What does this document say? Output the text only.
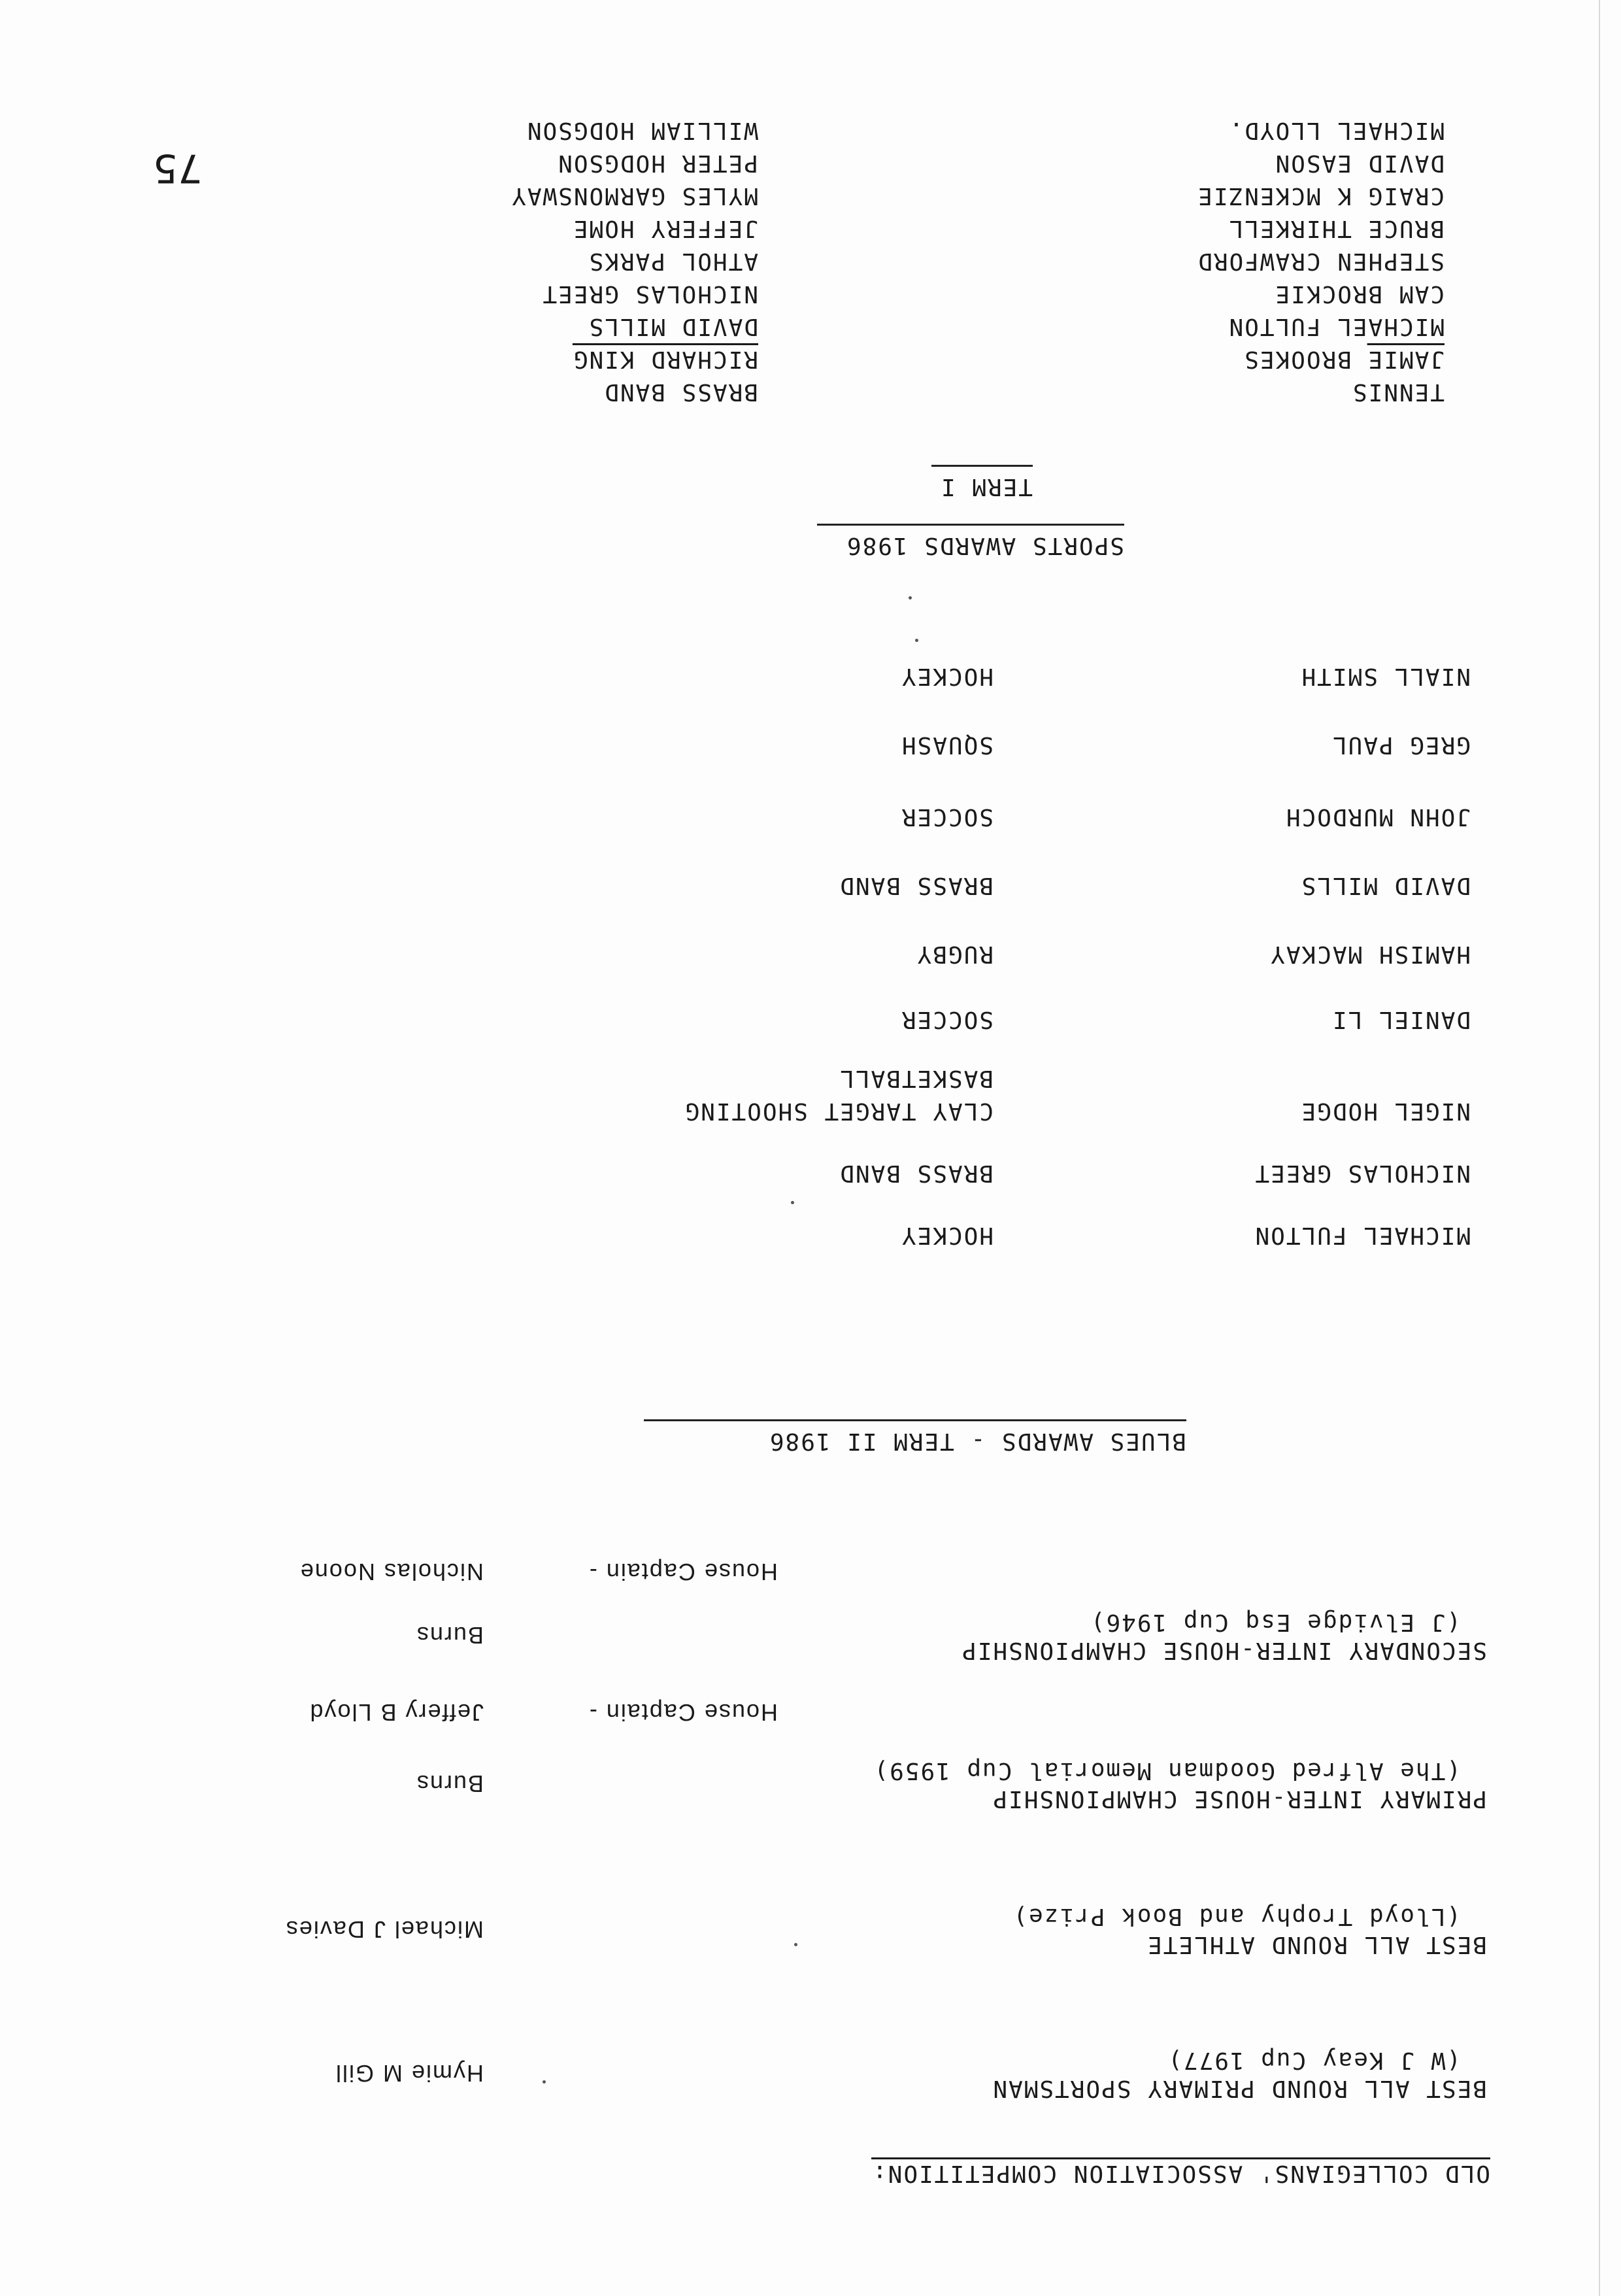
OLD COLLEGIANS' ASSOCIATION COMPETITION:
BEST ALL ROUND PRIMARY SPORTSMAN
(W J Keay Cup 1977)
Hymie M Gill
BEST ALL ROUND ATHLETE
(Lloyd Trophy and Book Prize)
Michael J Davies
PRIMARY INTER-HOUSE CHAMPIONSHIP
(The Alfred Goodman Memorial Cup 1959)
Burns
House Captain -
Jeffery B Lloyd
SECONDARY INTER-HOUSE CHAMPIONSHIP
(J Elvidge Esq Cup 1946)
Burns
House Captain -
Nicholas Noone
BLUES AWARDS - TERM II 1986
MICHAEL FULTON
HOCKEY
NICHOLAS GREET
BRASS BAND
NIGEL HODGE
CLAY TARGET SHOOTING
BASKETBALL
DANIEL LI
SOCCER
HAMISH MACKAY
RUGBY
DAVID MILLS
BRASS BAND
JOHN MURDOCH
SOCCER
GREG PAUL
SQUASH
NIALL SMITH
HOCKEY
SPORTS AWARDS 1986
TERM I
TENNIS
JAMIE BROOKES
MICHAEL FULTON
CAM BROCKIE
STEPHEN CRAWFORD
BRUCE THIRKELL
CRAIG K MCKENZIE
DAVID EASON
MICHAEL LLOYD.
BRASS BAND
RICHARD KING
DAVID MILLS
NICHOLAS GREET
ATHOL PARKS
JEFFERY HOME
MYLES GARMONSWAY
PETER HODGSON
WILLIAM HODGSON
75
